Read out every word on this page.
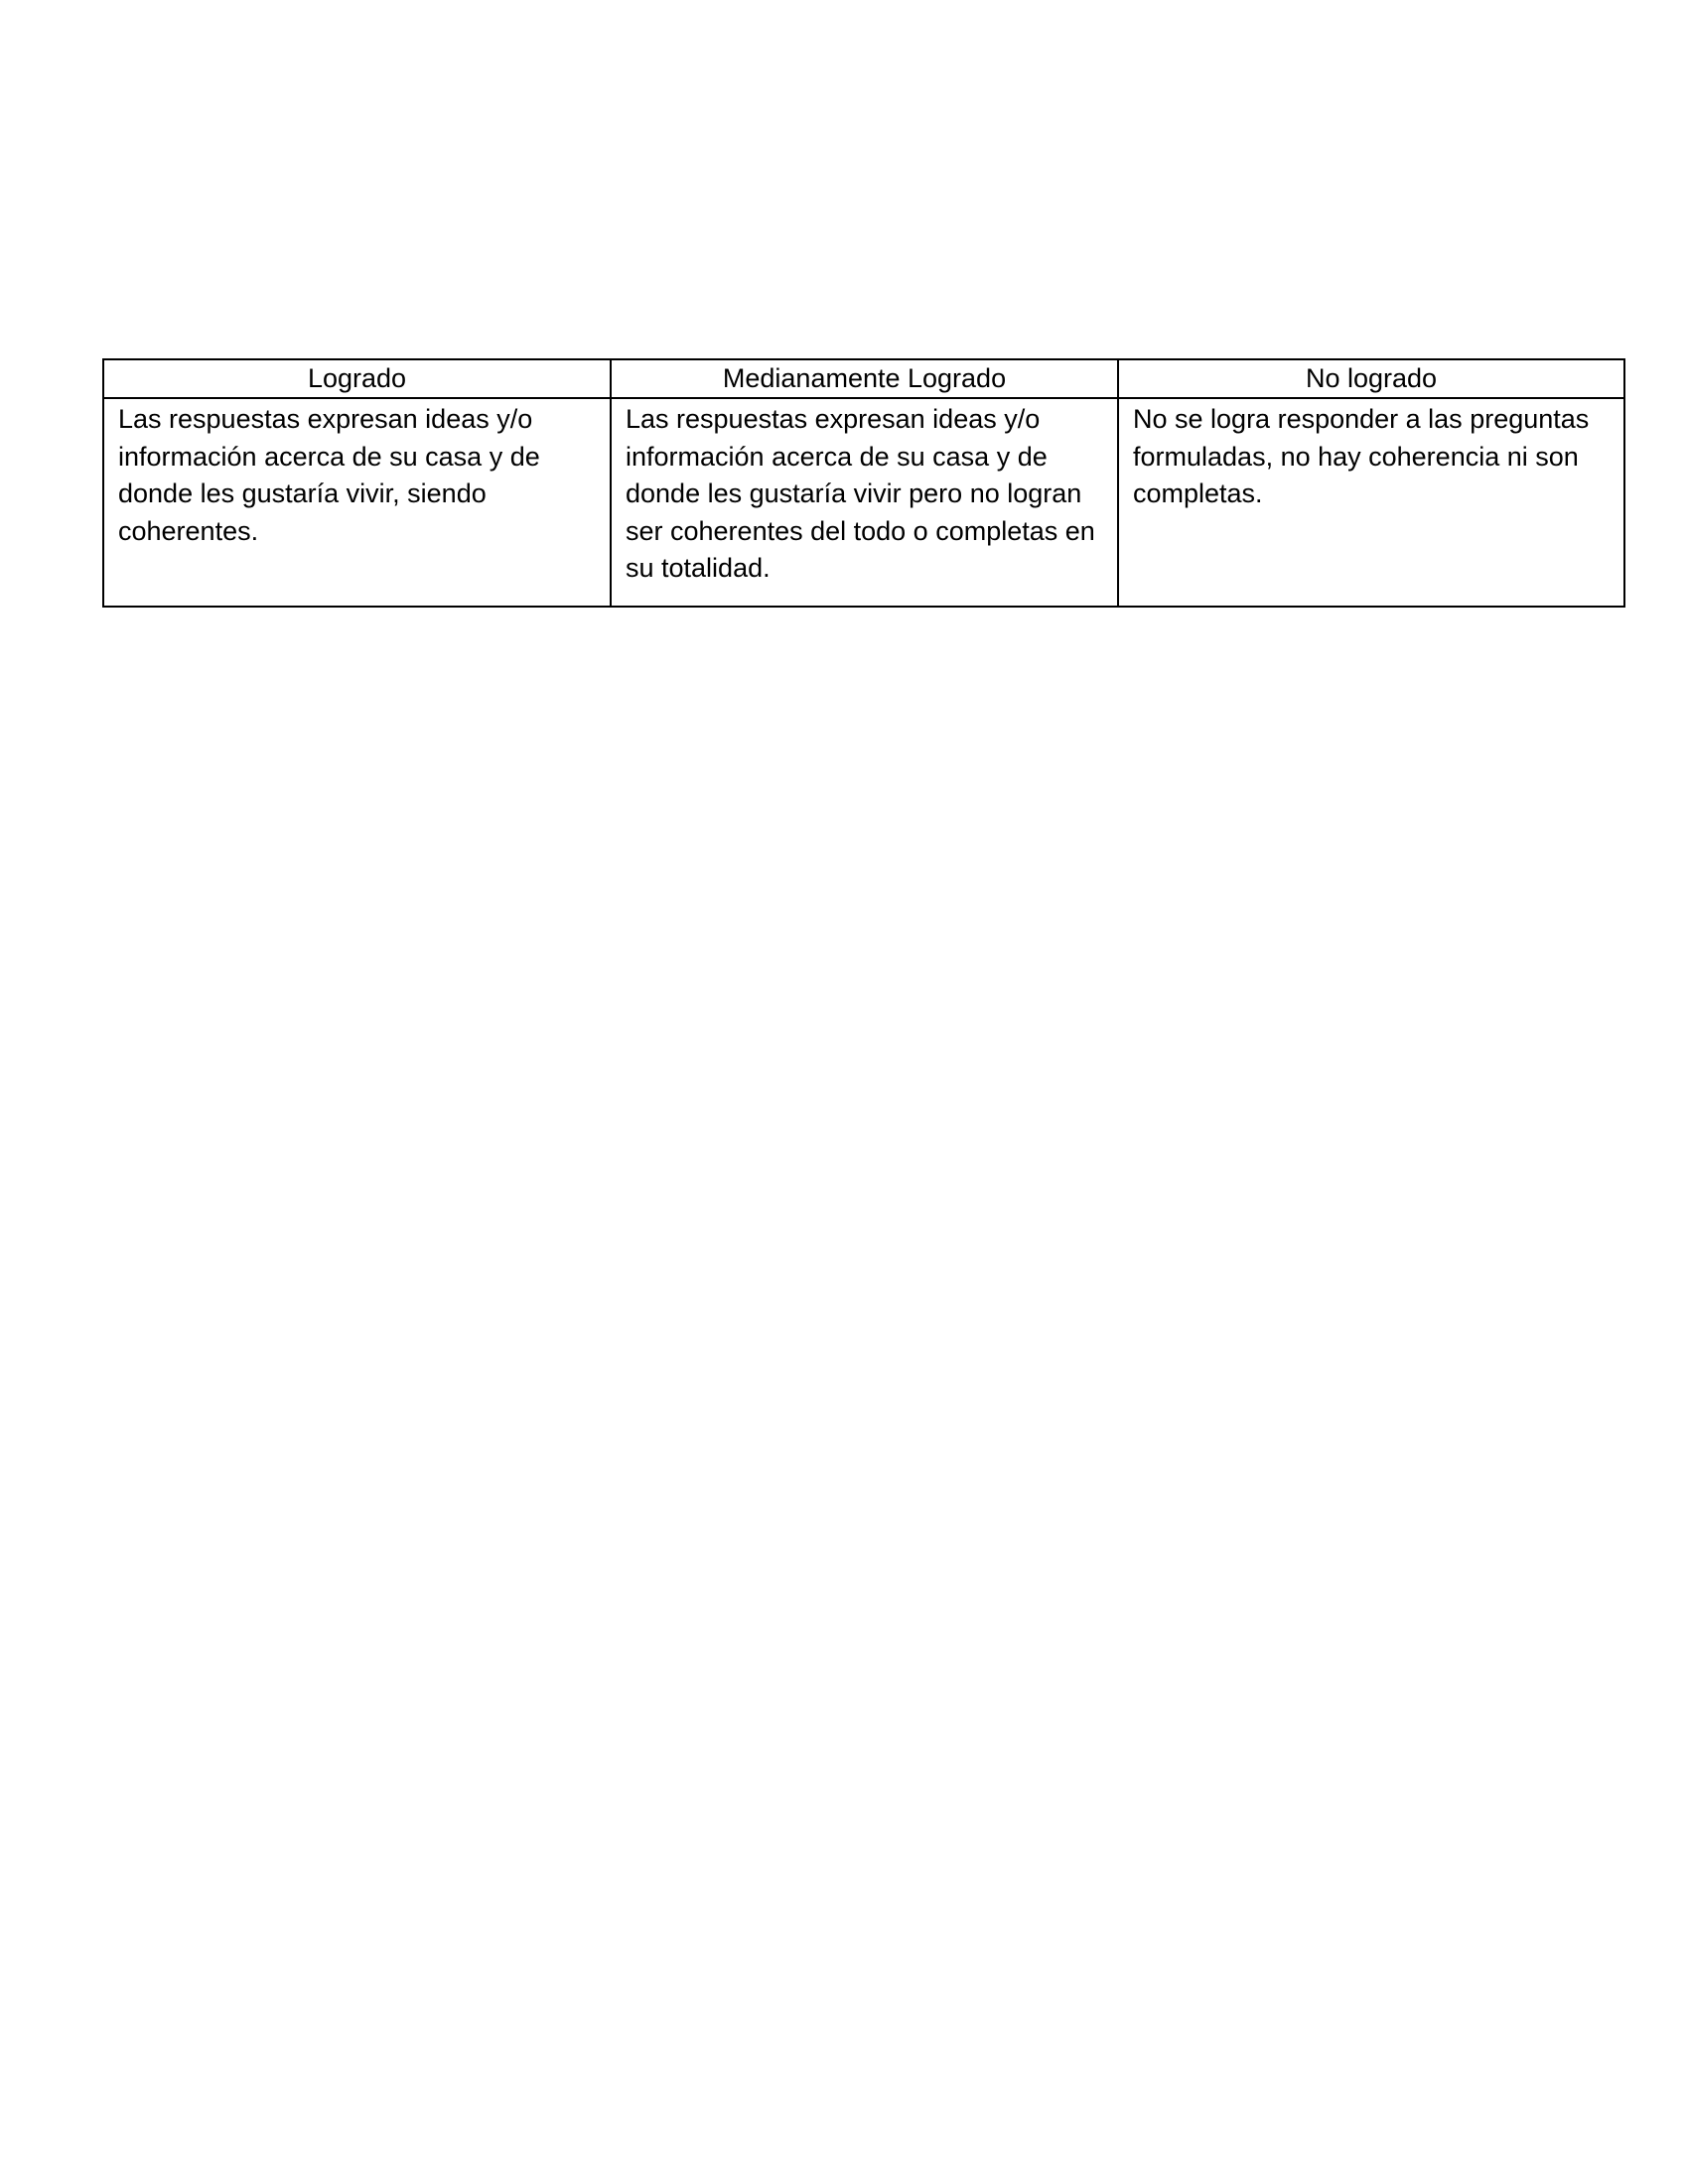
Logrado	Medianamente Logrado	No logrado
Las respuestas expresan ideas y/o información acerca de su casa y de donde les gustaría vivir, siendo coherentes.	Las respuestas expresan ideas y/o información acerca de su casa y de donde les gustaría vivir pero no logran ser coherentes del todo o completas en su totalidad.	No se logra responder a las preguntas formuladas, no hay coherencia ni son completas.
